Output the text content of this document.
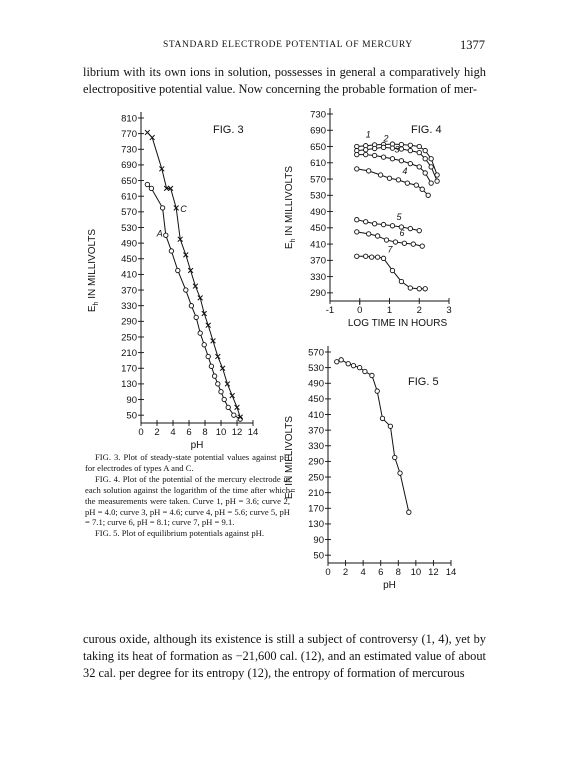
STANDARD ELECTRODE POTENTIAL OF MERCURY	1377
librium with its own ions in solution, possesses in general a comparatively high
electropositive potential value. Now concerning the probable formation of mer-
810
770
730
690
650
610
570
530
490
450
410
370
330
290
250
210
170
130
90
50
0 2 4 6 8 10 12 14
FIG. 3
pH
$E_h$ IN MILLIVOLTS	A
C
730
690
650
610
570
530
490
450
410
370
330
290
-1 0	1	2	3
FIG. 4
LOG TIME IN HOURS
$E_h$ IN MILLIVOLTS
1 2
3
4
5
6
7
570
530
490
450
410
370
330
290
250
210
170
130
90
50
0 2 4 6 8 10 12 14
FIG. 5
pH
$E_h$ IN MILLIVOLTS

FIG. 3. Plot of steady-state potential values against pH for electrodes of types A and C.

FIG. 4. Plot of the potential of the mercury electrode in each solution against the logarithm of the time after which the measurements were taken. Curve 1, pH = 3.6; curve 2, pH = 4.0; curve 3, pH = 4.6; curve 4, pH = 5.6; curve 5, pH = 7.1; curve 6, pH = 8.1; curve 7, pH = 9.1.

FIG. 5. Plot of equilibrium potentials against pH.

curous oxide, although its existence is still a subject of controversy (1, 4), yet by
taking its heat of formation as −21,600 cal. (12), and an estimated value of about
32 cal. per degree for its entropy (12), the entropy of formation of mercurous
